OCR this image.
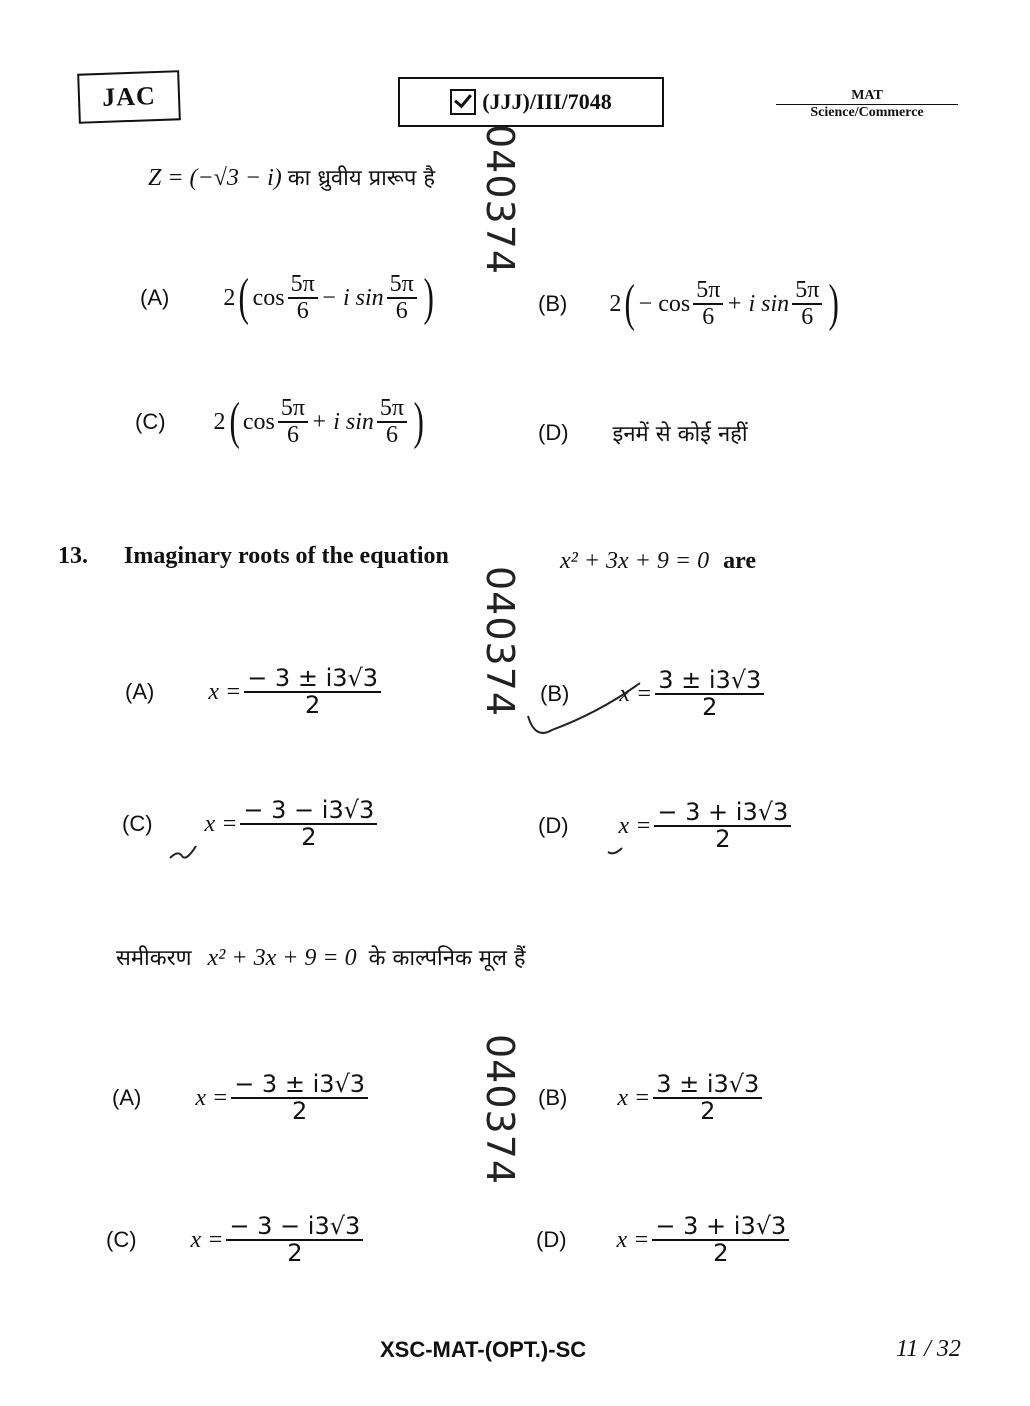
JAC	(JJJ)/III/7048	MAT
Science/Commerce
040374
040374
040374
Z = (−√3 − i) का ध्रुवीय प्रारूप है
(A) 2 ( $\cos \frac{5\pi}{6} - i$ $\sin \frac{5\pi}{6}$ )	(B) 2 ( − $\cos \frac{5\pi}{6} + i$ $\sin \frac{5\pi}{6}$ )
(C) 2 ( $\cos \frac{5\pi}{6} + i$ $\sin \frac{5\pi}{6}$ )	(D) इनमें से कोई नहीं
13. Imaginary roots of the equation	x² + 3x + 9 = 0 are
(A) $x = \frac{- 3 \pm i3√3}{2}$	(B) $x = \frac{3 \pm i3√3}{2}$
(C) $x = \frac{- 3 - i3√3}{2}$	(D) $x = \frac{- 3 + i3√3}{2}$
समीकरण x² + 3x + 9 = 0 के काल्पनिक मूल हैं
(A) $x = \frac{- 3 \pm i3√3}{2}$	(B) $x = \frac{3 \pm i3√3}{2}$
(C) $x = \frac{- 3 - i3√3}{2}$	(D) $x = \frac{- 3 + i3√3}{2}$
XSC-MAT-(OPT.)-SC	11 / 32
